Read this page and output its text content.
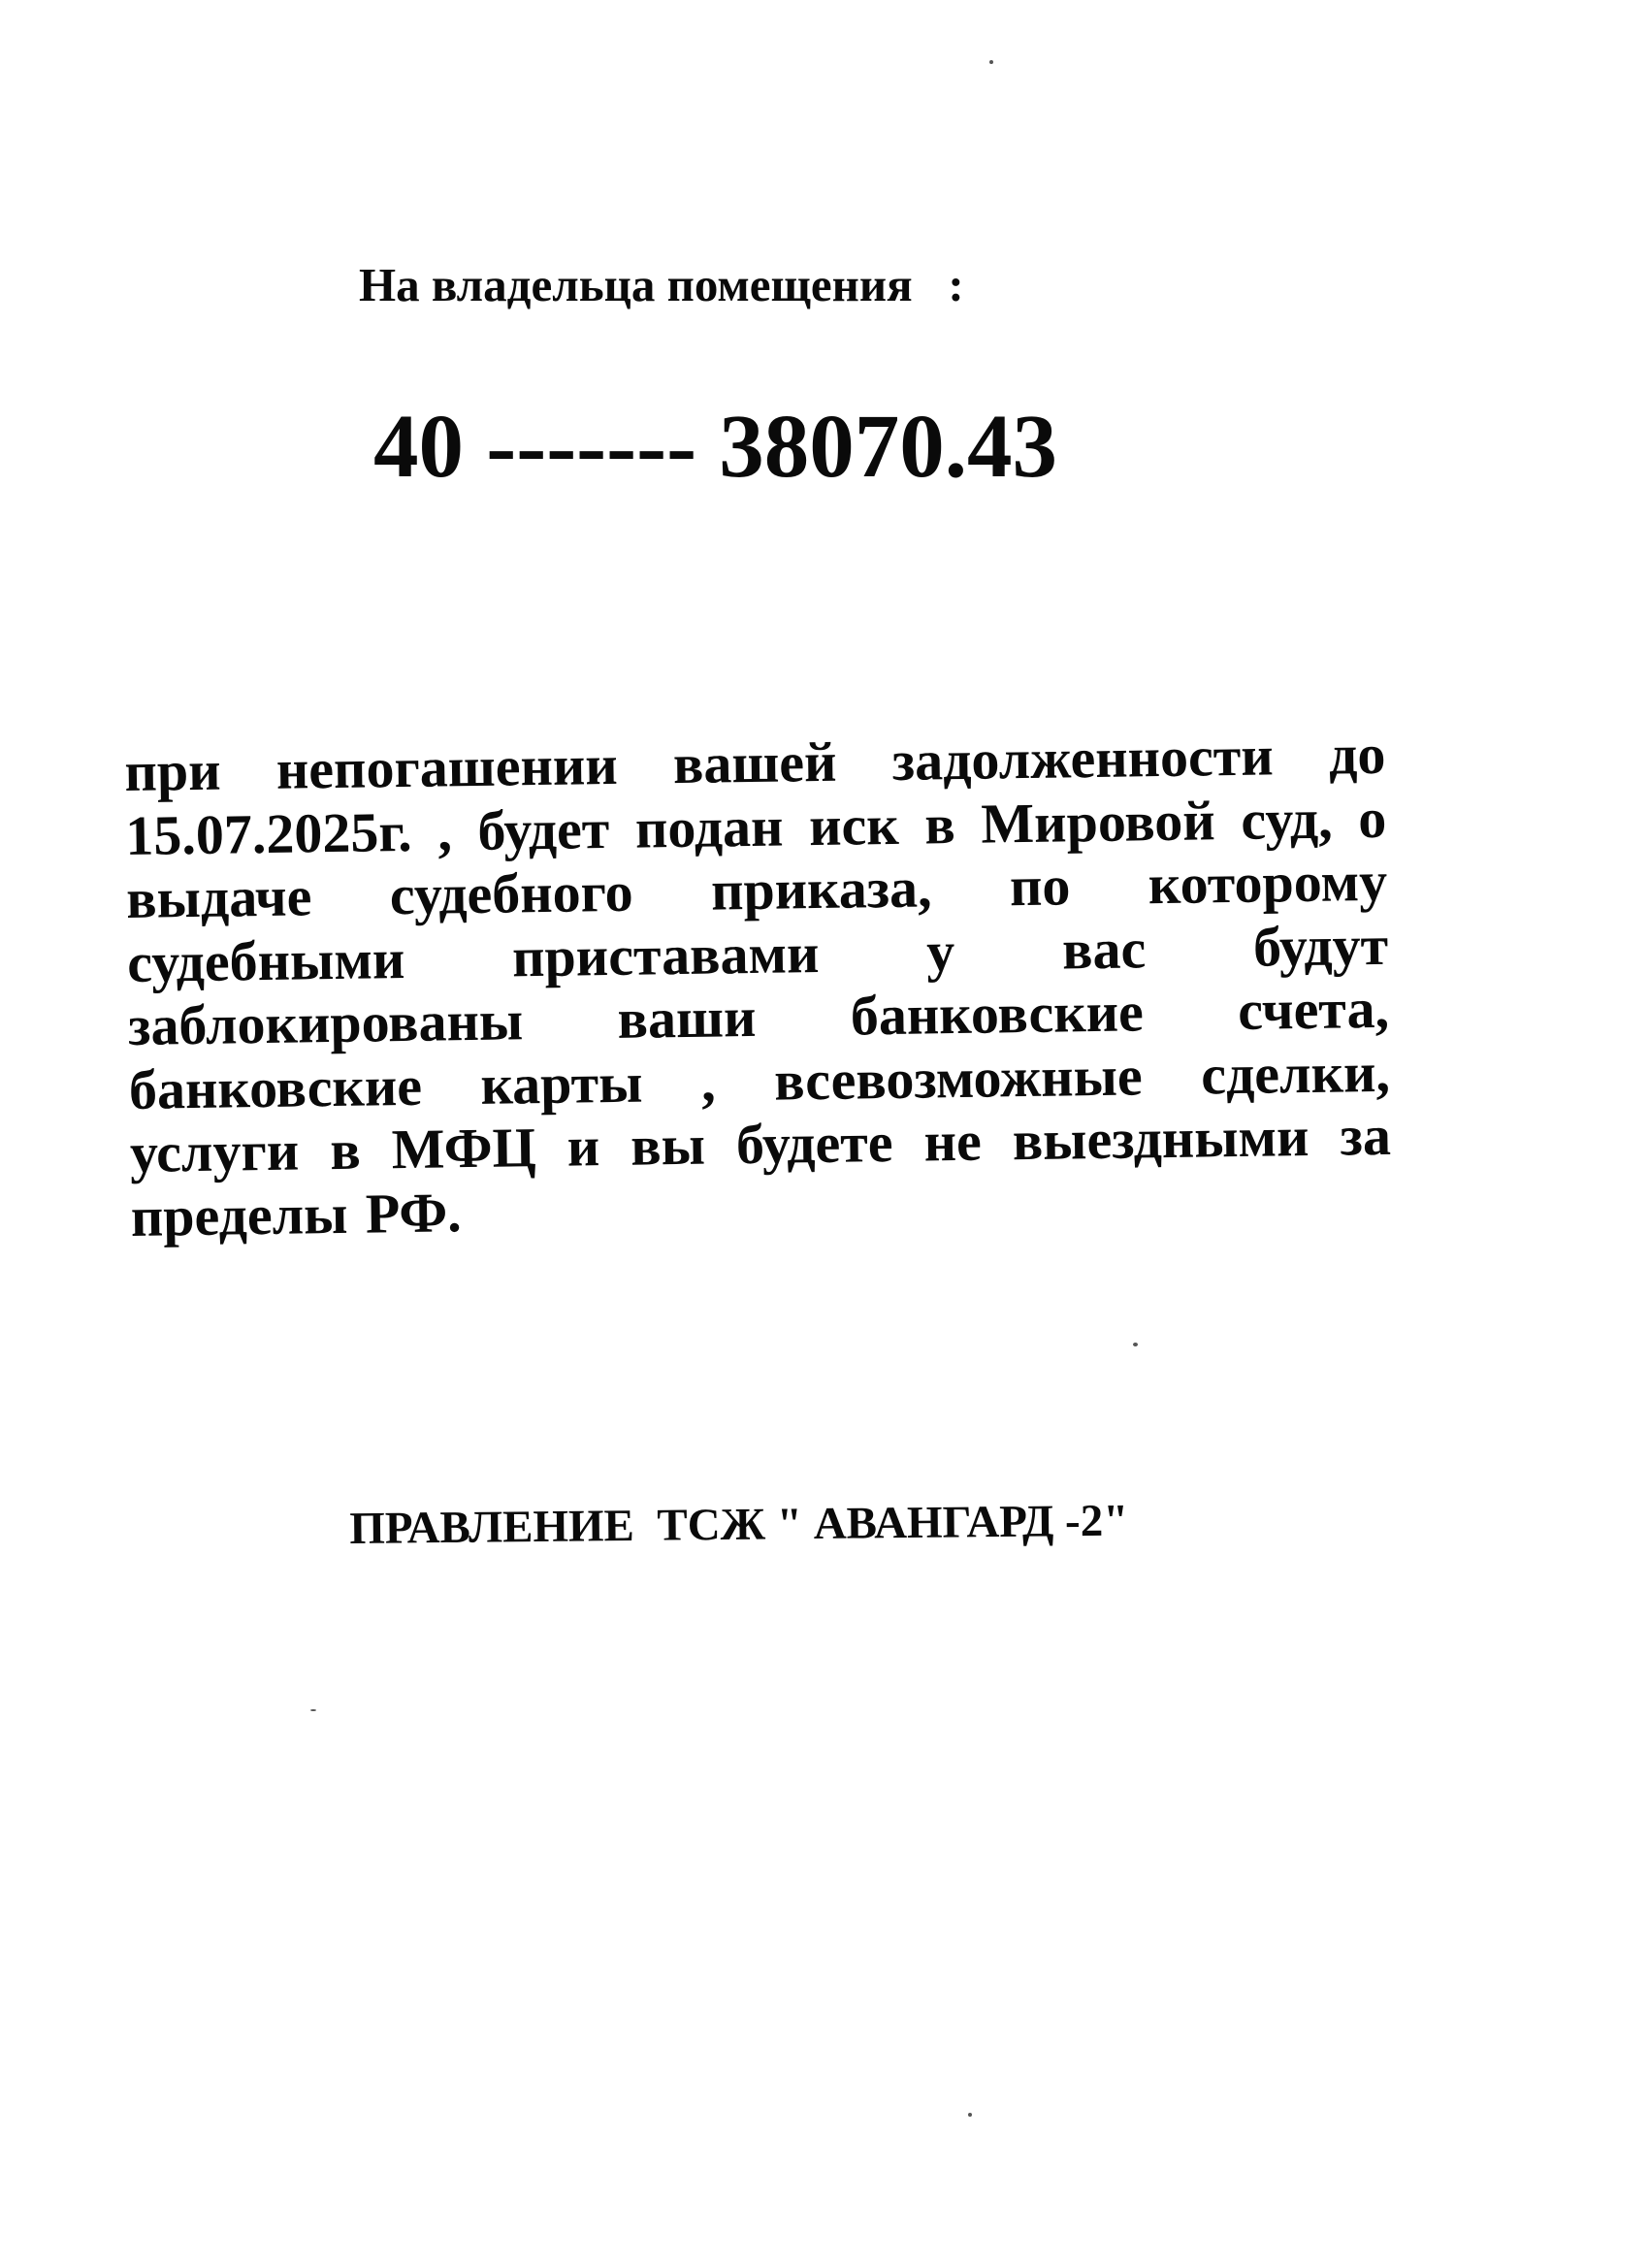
На владельца помещения   :
40 ------- 38070.43
при непогашении вашей задолженности до 15.07.2025г. , будет подан иск в Мировой суд, о выдаче судебного приказа, по которому судебными приставами у вас будут заблокированы ваши банковские счета, банковские карты , всевозможные сделки, услуги в МФЦ и вы будете не выездными за пределы РФ.
ПРАВЛЕНИЕ  ТСЖ " АВАНГАРД -2"
